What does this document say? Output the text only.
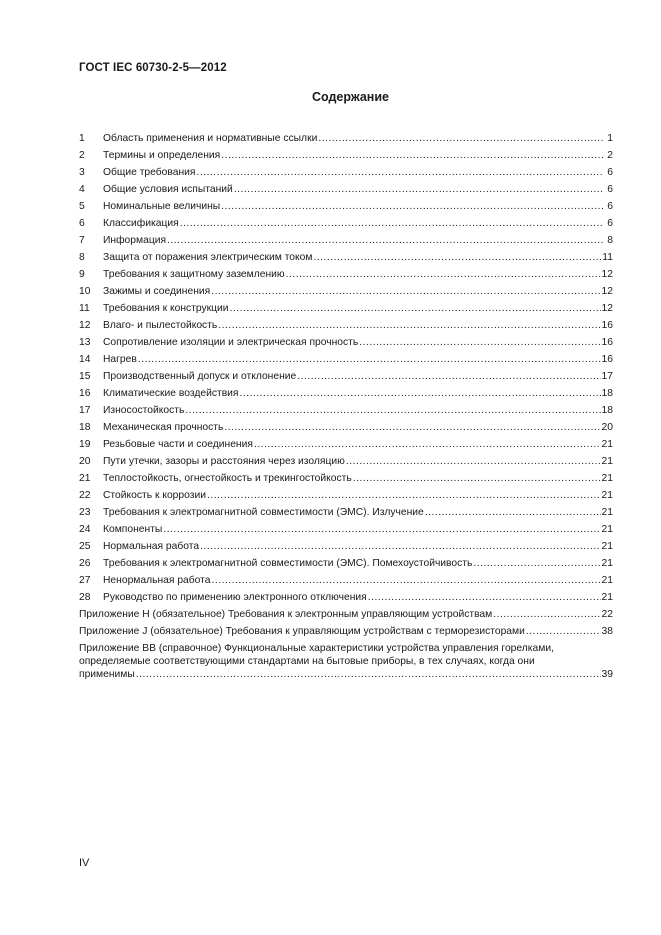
ГОСТ IEC 60730-2-5—2012
Содержание
1	Область применения и нормативные ссылки .....	1
2	Термины и определения .....	2
3	Общие требования .....	6
4	Общие условия испытаний .....	6
5	Номинальные величины .....	6
6	Классификация .....	6
7	Информация .....	8
8	Защита от поражения электрическим током .....	11
9	Требования к защитному заземлению .....	12
10	Зажимы и соединения .....	12
11	Требования к конструкции .....	12
12	Влаго- и пылестойкость .....	16
13	Сопротивление изоляции и электрическая прочность .....	16
14	Нагрев .....	16
15	Производственный допуск и отклонение .....	17
16	Климатические воздействия .....	18
17	Износостойкость .....	18
18	Механическая прочность .....	20
19	Резьбовые части и соединения .....	21
20	Пути утечки, зазоры и расстояния через изоляцию .....	21
21	Теплостойкость, огнестойкость и трекингостойкость .....	21
22	Стойкость к коррозии .....	21
23	Требования к электромагнитной совместимости (ЭМС). Излучение .....	21
24	Компоненты .....	21
25	Нормальная работа .....	21
26	Требования к электромагнитной совместимости (ЭМС). Помехоустойчивость .....	21
27	Ненормальная работа .....	21
28	Руководство по применению электронного отключения .....	21
Приложение H (обязательное) Требования к электронным управляющим устройствам .....	22
Приложение J (обязательное) Требования к управляющим устройствам с терморезисторами .....	38
Приложение BB (справочное) Функциональные характеристики устройства управления горелками,
определяемые соответствующими стандартами на бытовые приборы, в тех случаях, когда они
применимы .....	39
IV
